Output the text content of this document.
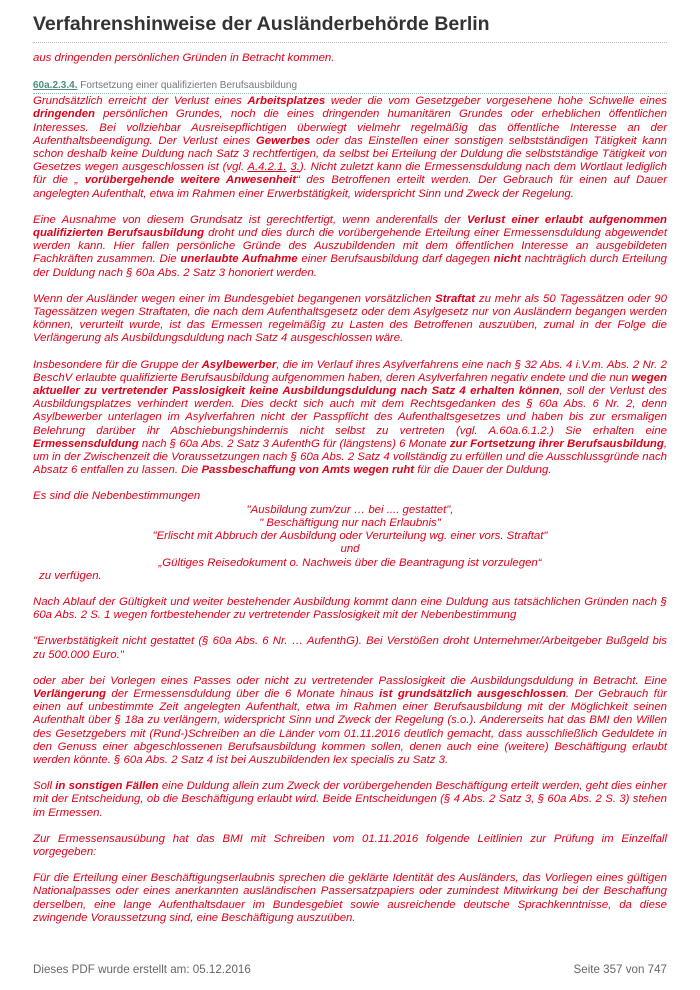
Verfahrenshinweise der Ausländerbehörde Berlin

aus dringenden persönlichen Gründen in Betracht kommen.

60a.2.3.4. Fortsetzung einer qualifizierten Berufsausbildung

Grundsätzlich erreicht der Verlust eines Arbeitsplatzes weder die vom Gesetzgeber vorgesehene hohe Schwelle eines dringenden persönlichen Grundes, noch die eines dringenden humanitären Grundes oder erheblichen öffentlichen Interesses. Bei vollziehbar Ausreisepflichtigen überwiegt vielmehr regelmäßig das öffentliche Interesse an der Aufenthaltsbeendigung. Der Verlust eines Gewerbes oder das Einstellen einer sonstigen selbstständigen Tätigkeit kann schon deshalb keine Duldung nach Satz 3 rechtfertigen, da selbst bei Erteilung der Duldung die selbstständige Tätigkeit von Gesetzes wegen ausgeschlossen ist (vgl. A.4.2.1. 3.). Nicht zuletzt kann die Ermessensduldung nach dem Wortlaut lediglich für die „ vorübergehende weitere Anwesenheit“ des Betroffenen erteilt werden. Der Gebrauch für einen auf Dauer angelegten Aufenthalt, etwa im Rahmen einer Erwerbstätigkeit, widerspricht Sinn und Zweck der Regelung.

Eine Ausnahme von diesem Grundsatz ist gerechtfertigt, wenn anderenfalls der Verlust einer erlaubt aufgenommen qualifizierten Berufsausbildung droht und dies durch die vorübergehende Erteilung einer Ermessensduldung abgewendet werden kann. Hier fallen persönliche Gründe des Auszubildenden mit dem öffentlichen Interesse an ausgebildeten Fachkräften zusammen. Die unerlaubte Aufnahme einer Berufsausbildung darf dagegen nicht nachträglich durch Erteilung der Duldung nach § 60a Abs. 2 Satz 3 honoriert werden.

Wenn der Ausländer wegen einer im Bundesgebiet begangenen vorsätzlichen Straftat zu mehr als 50 Tagessätzen oder 90 Tagessätzen wegen Straftaten, die nach dem Aufenthaltsgesetz oder dem Asylgesetz nur von Ausländern begangen werden können, verurteilt wurde, ist das Ermessen regelmäßig zu Lasten des Betroffenen auszuüben, zumal in der Folge die Verlängerung als Ausbildungsduldung nach Satz 4 ausgeschlossen wäre.

Insbesondere für die Gruppe der Asylbewerber, die im Verlauf ihres Asylverfahrens eine nach § 32 Abs. 4 i.V.m. Abs. 2 Nr. 2 BeschV erlaubte qualifizierte Berufsausbildung aufgenommen haben, deren Asylverfahren negativ endete und die nun wegen aktueller zu vertretender Passlosigkeit keine Ausbildungsduldung nach Satz 4 erhalten können, soll der Verlust des Ausbildungsplatzes verhindert werden. Dies deckt sich auch mit dem Rechtsgedanken des § 60a Abs. 6 Nr. 2, denn Asylbewerber unterlagen im Asylverfahren nicht der Passpflicht des Aufenthaltsgesetzes und haben bis zur ersmaligen Belehrung darüber ihr Abschiebungshindernis nicht selbst zu vertreten (vgl. A.60a.6.1.2.) Sie erhalten eine Ermessensduldung nach § 60a Abs. 2 Satz 3 AufenthG für (längstens) 6 Monate zur Fortsetzung ihrer Berufsausbildung, um in der Zwischenzeit die Voraussetzungen nach § 60a Abs. 2 Satz 4 vollständig zu erfüllen und die Ausschlussgründe nach Absatz 6 entfallen zu lassen. Die Passbeschaffung von Amts wegen ruht für die Dauer der Duldung.

Es sind die Nebenbestimmungen

"Ausbildung zum/zur … bei .... gestattet",

" Beschäftigung nur nach Erlaubnis"

"Erlischt mit Abbruch der Ausbildung oder Verurteilung wg. einer vors. Straftat"

und

„Gültiges Reisedokument o. Nachweis über die Beantragung ist vorzulegen“

zu verfügen.

Nach Ablauf der Gültigkeit und weiter bestehender Ausbildung kommt dann eine Duldung aus tatsächlichen Gründen nach § 60a Abs. 2 S. 1 wegen fortbestehender zu vertretender Passlosigkeit mit der Nebenbestimmung

"Erwerbstätigkeit nicht gestattet (§ 60a Abs. 6 Nr. … AufenthG). Bei Verstößen droht Unternehmer/Arbeitgeber Bußgeld bis zu 500.000 Euro."

oder aber bei Vorlegen eines Passes oder nicht zu vertretender Passlosigkeit die Ausbildungsduldung in Betracht. Eine Verlängerung der Ermessensduldung über die 6 Monate hinaus ist grundsätzlich ausgeschlossen. Der Gebrauch für einen auf unbestimmte Zeit angelegten Aufenthalt, etwa im Rahmen einer Berufsausbildung mit der Möglichkeit seinen Aufenthalt über § 18a zu verlängern, widerspricht Sinn und Zweck der Regelung (s.o.). Andererseits hat das BMI den Willen des Gesetzgebers mit (Rund-)Schreiben an die Länder vom 01.11.2016 deutlich gemacht, dass ausschließlich Geduldete in den Genuss einer abgeschlossenen Berufsausbildung kommen sollen, denen auch eine (weitere) Beschäftigung erlaubt werden könnte. § 60a Abs. 2 Satz 4 ist bei Auszubildenden lex specialis zu Satz 3.

Soll in sonstigen Fällen eine Duldung allein zum Zweck der vorübergehenden Beschäftigung erteilt werden, geht dies einher mit der Entscheidung, ob die Beschäftigung erlaubt wird. Beide Entscheidungen (§ 4 Abs. 2 Satz 3, § 60a Abs. 2 S. 3) stehen im Ermessen.

Zur Ermessensausübung hat das BMI mit Schreiben vom 01.11.2016 folgende Leitlinien zur Prüfung im Einzelfall vorgegeben:

Für die Erteilung einer Beschäftigungserlaubnis sprechen die geklärte Identität des Ausländers, das Vorliegen eines gültigen Nationalpasses oder eines anerkannten ausländischen Passersatzpapiers oder zumindest Mitwirkung bei der Beschaffung derselben, eine lange Aufenthaltsdauer im Bundesgebiet sowie ausreichende deutsche Sprachkenntnisse, da diese zwingende Voraussetzung sind, eine Beschäftigung auszuüben.

Dieses PDF wurde erstellt am: 05.12.2016	Seite 357 von 747
